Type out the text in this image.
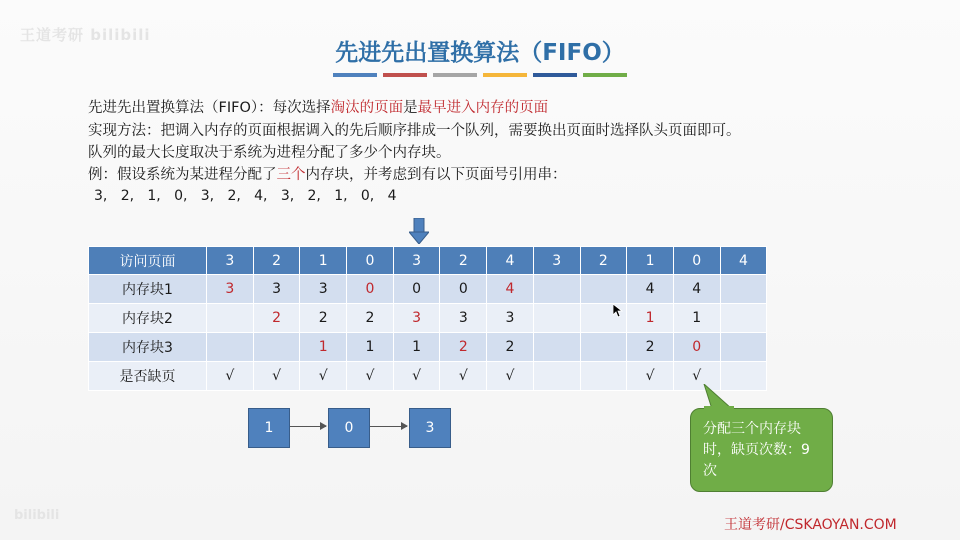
王道考研 bilibili
bilibili
先进先出置换算法（FIFO）
先进先出置换算法（FIFO）：每次选择淘汰的页面是最早进入内存的页面
实现方法：把调入内存的页面根据调入的先后顺序排成一个队列，需要换出页面时选择队头页面即可。
队列的最大长度取决于系统为进程分配了多少个内存块。
例：假设系统为某进程分配了三个内存块，并考虑到有以下页面号引用串：
3, 2, 1, 0, 3, 2, 4, 3, 2, 1, 0, 4
访问页面	3	2	1	0	3	2	4	3	2	1	0	4
内存块1	3	3	3	0	0	0	4			4	4	
内存块2		2	2	2	3	3	3			1	1	
内存块3			1	1	1	2	2			2	0	
是否缺页	√	√	√	√	√	√	√			√	√	
1	0	3	分配三个内存块时，缺页次数：9次
王道考研/CSKAOYAN.COM
